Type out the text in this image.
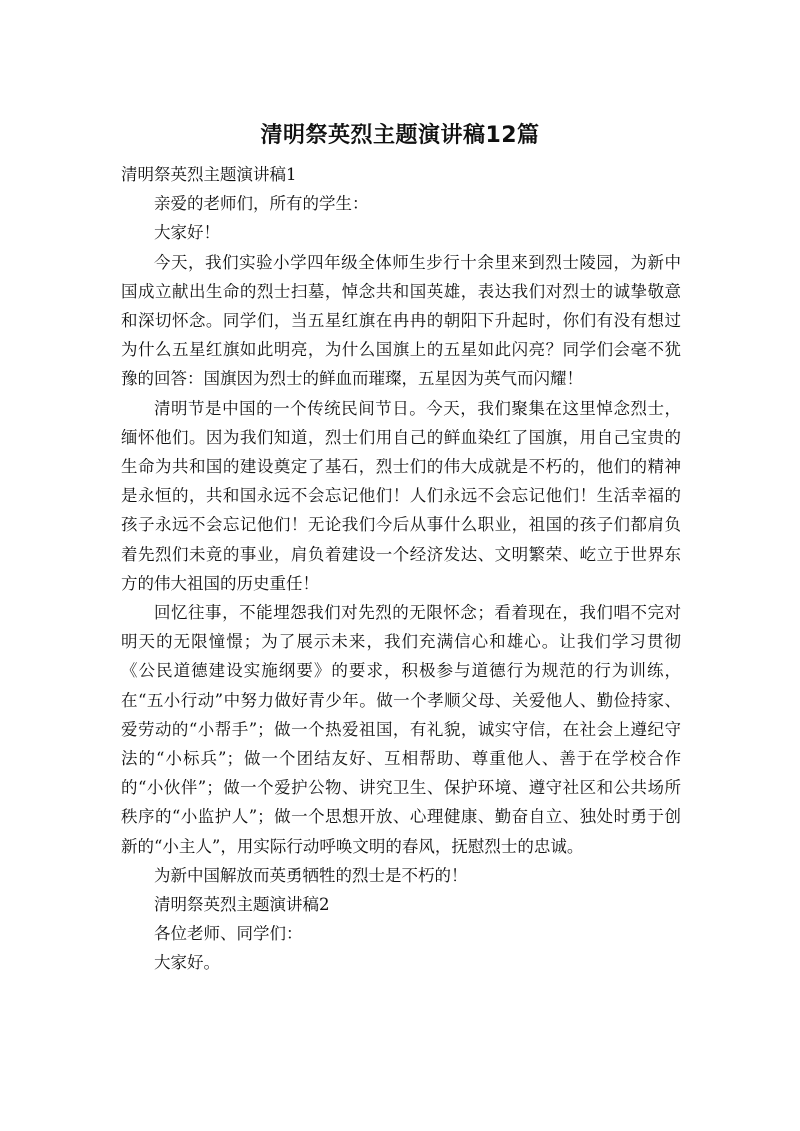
清明祭英烈主题演讲稿12篇

清明祭英烈主题演讲稿1

亲爱的老师们，所有的学生：

大家好！

今天，我们实验小学四年级全体师生步行十余里来到烈士陵园，为新中国成立献出生命的烈士扫墓，悼念共和国英雄，表达我们对烈士的诚挚敬意和深切怀念。同学们，当五星红旗在冉冉的朝阳下升起时，你们有没有想过为什么五星红旗如此明亮，为什么国旗上的五星如此闪亮？同学们会毫不犹豫的回答：国旗因为烈士的鲜血而璀璨，五星因为英气而闪耀！

清明节是中国的一个传统民间节日。今天，我们聚集在这里悼念烈士，缅怀他们。因为我们知道，烈士们用自己的鲜血染红了国旗，用自己宝贵的生命为共和国的建设奠定了基石，烈士们的伟大成就是不朽的，他们的精神是永恒的，共和国永远不会忘记他们！人们永远不会忘记他们！生活幸福的孩子永远不会忘记他们！无论我们今后从事什么职业，祖国的孩子们都肩负着先烈们未竟的事业，肩负着建设一个经济发达、文明繁荣、屹立于世界东方的伟大祖国的历史重任！

回忆往事，不能埋怨我们对先烈的无限怀念；看着现在，我们唱不完对明天的无限憧憬；为了展示未来，我们充满信心和雄心。让我们学习贯彻《公民道德建设实施纲要》的要求，积极参与道德行为规范的行为训练，在“五小行动”中努力做好青少年。做一个孝顺父母、关爱他人、勤俭持家、爱劳动的“小帮手”；做一个热爱祖国，有礼貌，诚实守信，在社会上遵纪守法的“小标兵”；做一个团结友好、互相帮助、尊重他人、善于在学校合作的“小伙伴”；做一个爱护公物、讲究卫生、保护环境、遵守社区和公共场所秩序的“小监护人”；做一个思想开放、心理健康、勤奋自立、独处时勇于创新的“小主人”，用实际行动呼唤文明的春风，抚慰烈士的忠诚。

为新中国解放而英勇牺牲的烈士是不朽的！

清明祭英烈主题演讲稿2

各位老师、同学们：

大家好。
